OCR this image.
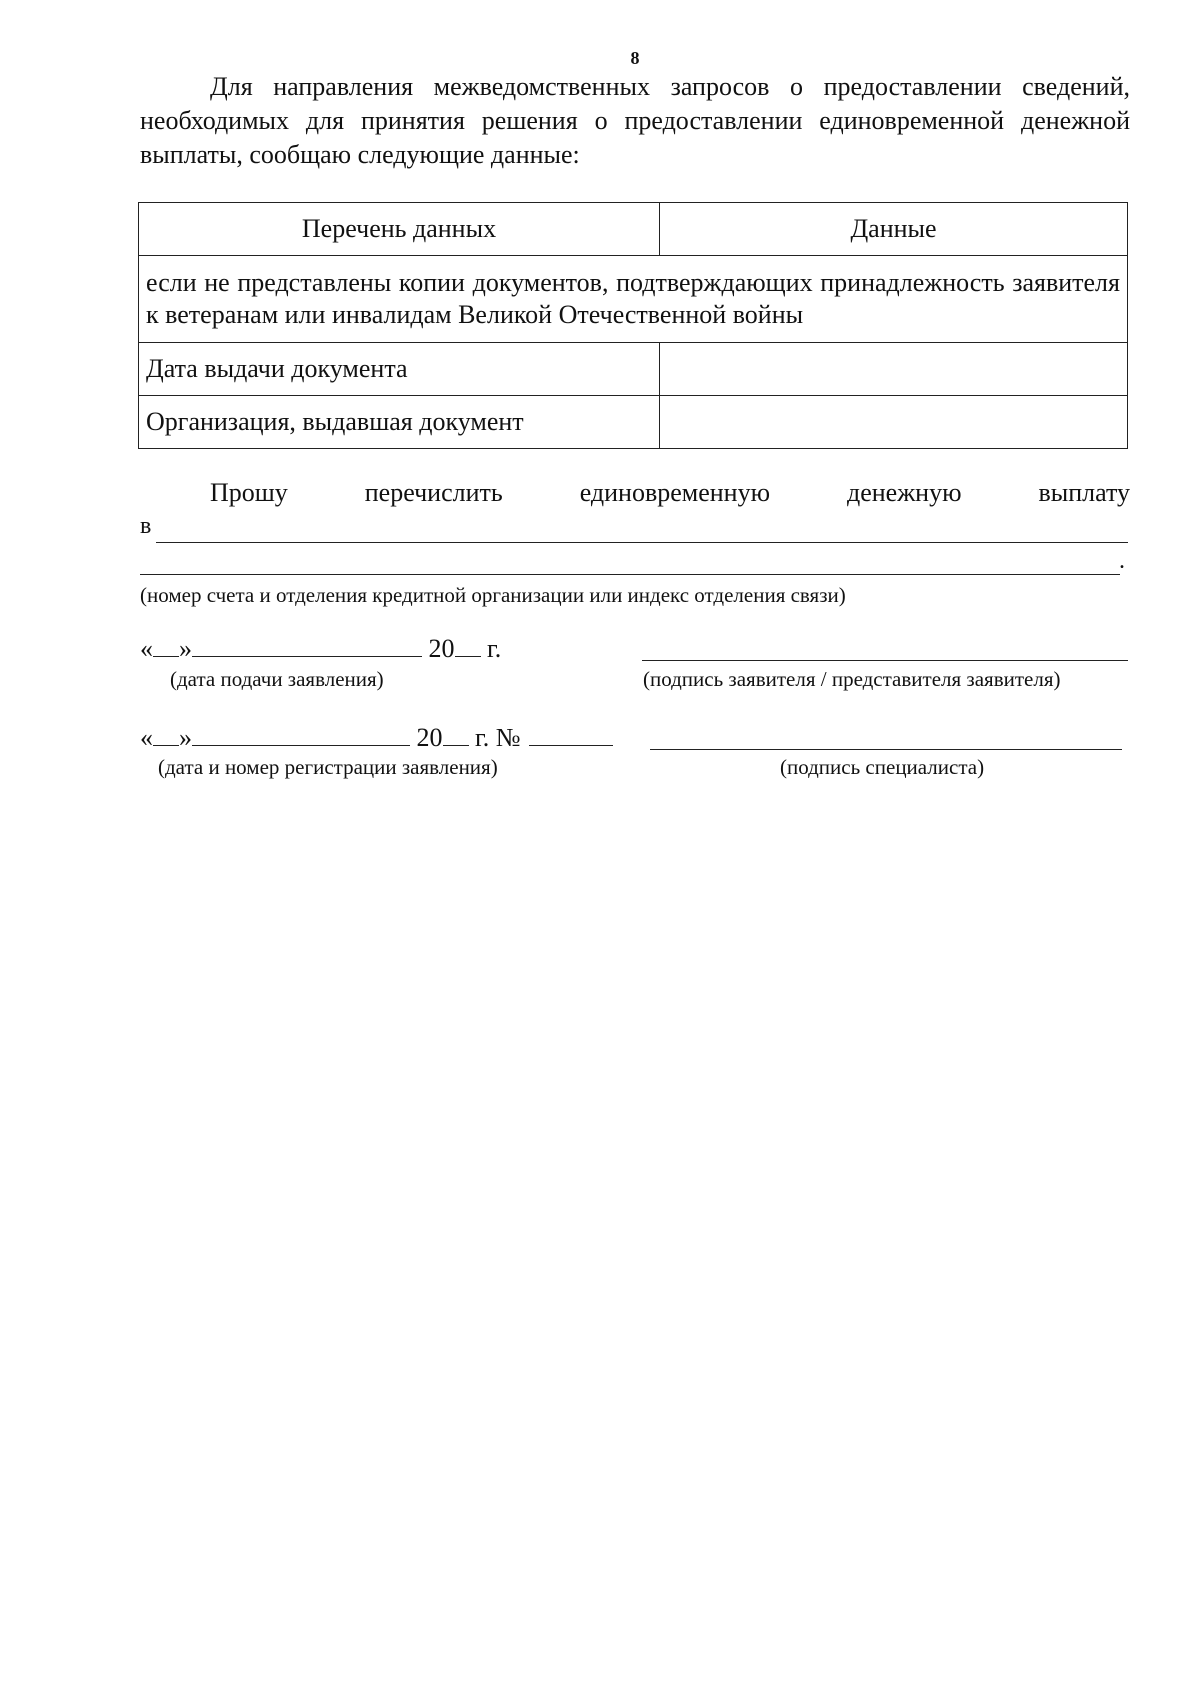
8

Для направления межведомственных запросов о предоставлении сведений, необходимых для принятия решения о предоставлении единовременной денежной выплаты, сообщаю следующие данные:

Перечень данных	Данные
если не представлены копии документов, подтверждающих принадлежность заявителя к ветеранам или инвалидам Великой Отечественной войны	
Дата выдачи документа	
Организация, выдавшая документ	
Прошу	перечислить	единовременную	денежную	выплату
в
.
(номер счета и отделения кредитной организации или индекс отделения связи)
« »	20 г.
(дата подачи заявления)	(подпись заявителя / представителя заявителя)
« »	20 г. №
(дата и номер регистрации заявления)	(подпись специалиста)
